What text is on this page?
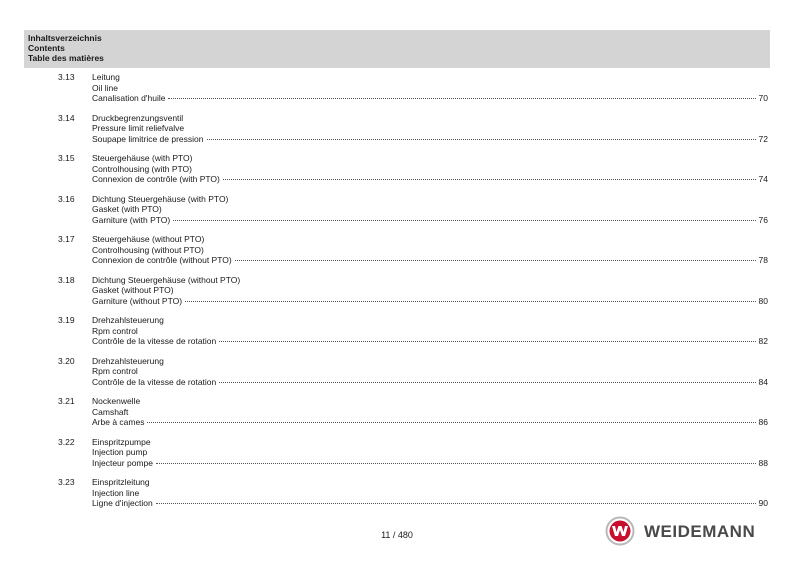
Inhaltsverzeichnis
Contents
Table des matières
3.13 Leitung
Oil line
Canalisation d'huile	70
3.14 Druckbegrenzungsventil
Pressure limit reliefvalve
Soupape limitrice de pression	72
3.15 Steuergehäuse (with PTO)
Controlhousing (with PTO)
Connexion de contrôle (with PTO)	74
3.16 Dichtung Steuergehäuse (with PTO)
Gasket (with PTO)
Garniture (with PTO)	76
3.17 Steuergehäuse (without PTO)
Controlhousing (without PTO)
Connexion de contrôle (without PTO)	78
3.18 Dichtung Steuergehäuse (without PTO)
Gasket (without PTO)
Garniture (without PTO)	80
3.19 Drehzahlsteuerung
Rpm control
Contrôle de la vitesse de rotation	82
3.20 Drehzahlsteuerung
Rpm control
Contrôle de la vitesse de rotation	84
3.21 Nockenwelle
Camshaft
Arbe à cames	86
3.22 Einspritzpumpe
Injection pump
Injecteur pompe	88
3.23 Einspritzleitung
Injection line
Ligne d'injection	90
11 / 480	WEIDEMANN
